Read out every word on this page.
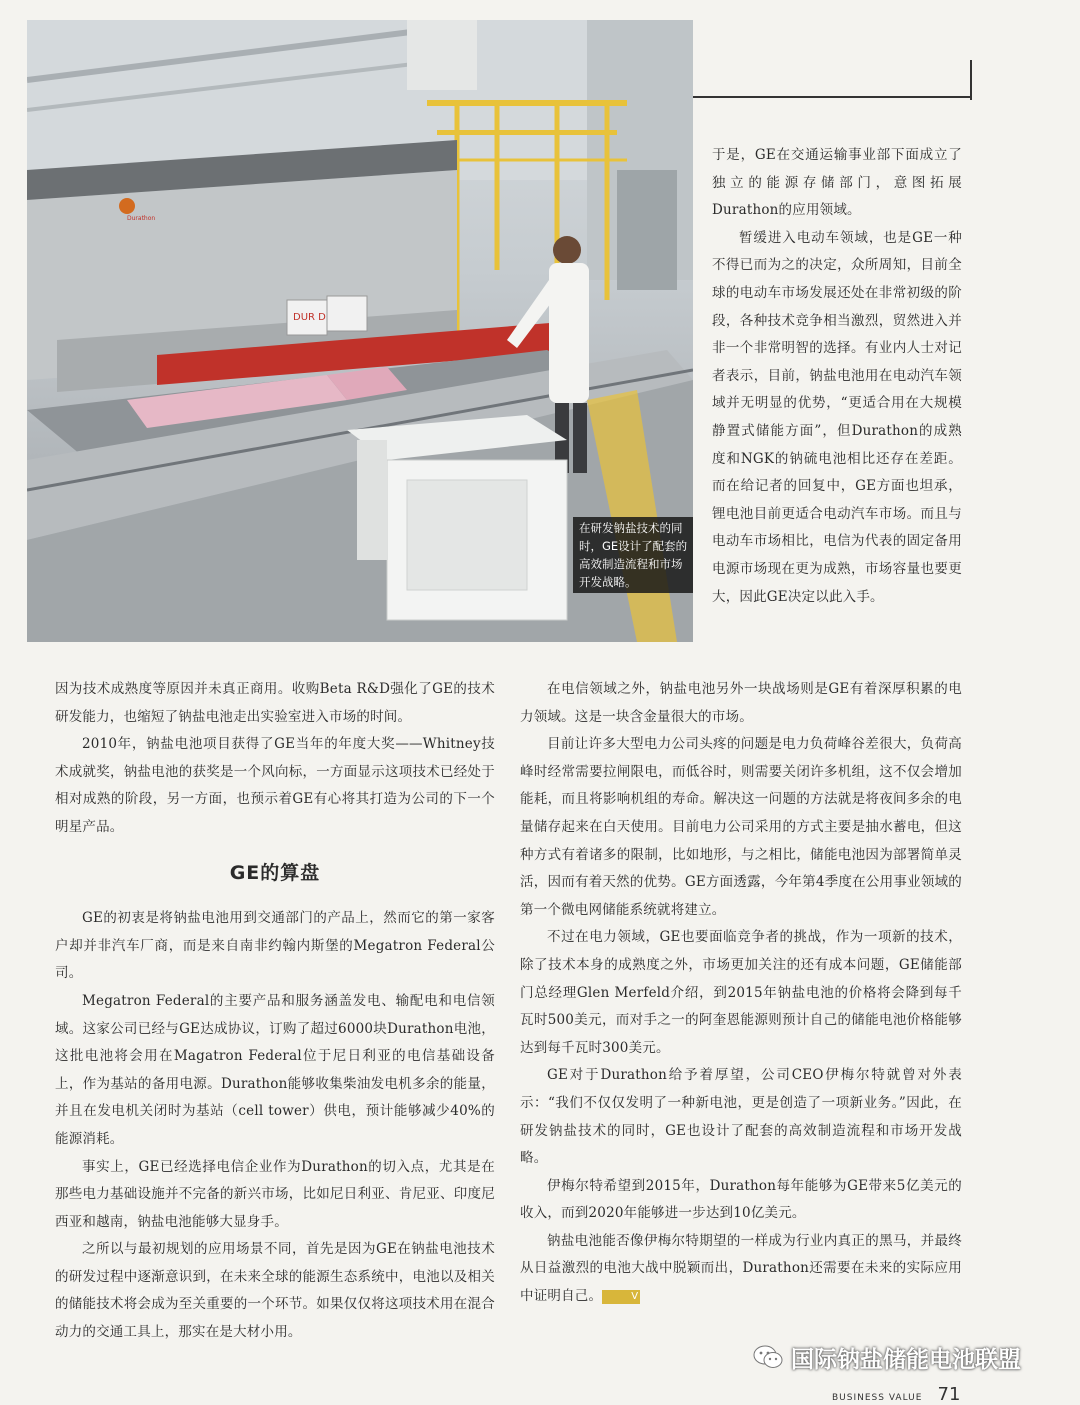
DUR D
Durathon
在研发钠盐技术的同时，GE设计了配套的高效制造流程和市场开发战略。

于是，GE在交通运输事业部下面成立了独立的能源存储部门，意图拓展Durathon的应用领域。

暂缓进入电动车领域，也是GE一种不得已而为之的决定，众所周知，目前全球的电动车市场发展还处在非常初级的阶段，各种技术竞争相当激烈，贸然进入并非一个非常明智的选择。有业内人士对记者表示，目前，钠盐电池用在电动汽车领域并无明显的优势，“更适合用在大规模静置式储能方面”，但Durathon的成熟度和NGK的钠硫电池相比还存在差距。而在给记者的回复中，GE方面也坦承，锂电池目前更适合电动汽车市场。而且与电动车市场相比，电信为代表的固定备用电源市场现在更为成熟，市场容量也要更大，因此GE决定以此入手。

因为技术成熟度等原因并未真正商用。收购Beta R&D强化了GE的技术研发能力，也缩短了钠盐电池走出实验室进入市场的时间。

2010年，钠盐电池项目获得了GE当年的年度大奖——Whitney技术成就奖，钠盐电池的获奖是一个风向标，一方面显示这项技术已经处于相对成熟的阶段，另一方面，也预示着GE有心将其打造为公司的下一个明星产品。

GE的算盘

GE的初衷是将钠盐电池用到交通部门的产品上，然而它的第一家客户却并非汽车厂商，而是来自南非约翰内斯堡的Megatron Federal公司。

Megatron Federal的主要产品和服务涵盖发电、输配电和电信领域。这家公司已经与GE达成协议，订购了超过6000块Durathon电池，这批电池将会用在Magatron Federal位于尼日利亚的电信基础设备上，作为基站的备用电源。Durathon能够收集柴油发电机多余的能量，并且在发电机关闭时为基站（cell tower）供电，预计能够减少40%的能源消耗。

事实上，GE已经选择电信企业作为Durathon的切入点，尤其是在那些电力基础设施并不完备的新兴市场，比如尼日利亚、肯尼亚、印度尼西亚和越南，钠盐电池能够大显身手。

之所以与最初规划的应用场景不同，首先是因为GE在钠盐电池技术的研发过程中逐渐意识到，在未来全球的能源生态系统中，电池以及相关的储能技术将会成为至关重要的一个环节。如果仅仅将这项技术用在混合动力的交通工具上，那实在是大材小用。

在电信领域之外，钠盐电池另外一块战场则是GE有着深厚积累的电力领域。这是一块含金量很大的市场。

目前让许多大型电力公司头疼的问题是电力负荷峰谷差很大，负荷高峰时经常需要拉闸限电，而低谷时，则需要关闭许多机组，这不仅会增加能耗，而且将影响机组的寿命。解决这一问题的方法就是将夜间多余的电量储存起来在白天使用。目前电力公司采用的方式主要是抽水蓄电，但这种方式有着诸多的限制，比如地形，与之相比，储能电池因为部署简单灵活，因而有着天然的优势。GE方面透露，今年第4季度在公用事业领域的第一个微电网储能系统就将建立。

不过在电力领域，GE也要面临竞争者的挑战，作为一项新的技术，除了技术本身的成熟度之外，市场更加关注的还有成本问题，GE储能部门总经理Glen Merfeld介绍，到2015年钠盐电池的价格将会降到每千瓦时500美元，而对手之一的阿奎恩能源则预计自己的储能电池价格能够达到每千瓦时300美元。

GE对于Durathon给予着厚望，公司CEO伊梅尔特就曾对外表示：“我们不仅仅发明了一种新电池，更是创造了一项新业务。”因此，在研发钠盐技术的同时，GE也设计了配套的高效制造流程和市场开发战略。

伊梅尔特希望到2015年，Durathon每年能够为GE带来5亿美元的收入，而到2020年能够进一步达到10亿美元。

钠盐电池能否像伊梅尔特期望的一样成为行业内真正的黑马，并最终从日益激烈的电池大战中脱颖而出，Durathon还需要在未来的实际应用中证明自己。	V

国际钠盐储能电池联盟
BUSINESS VALUE 71
